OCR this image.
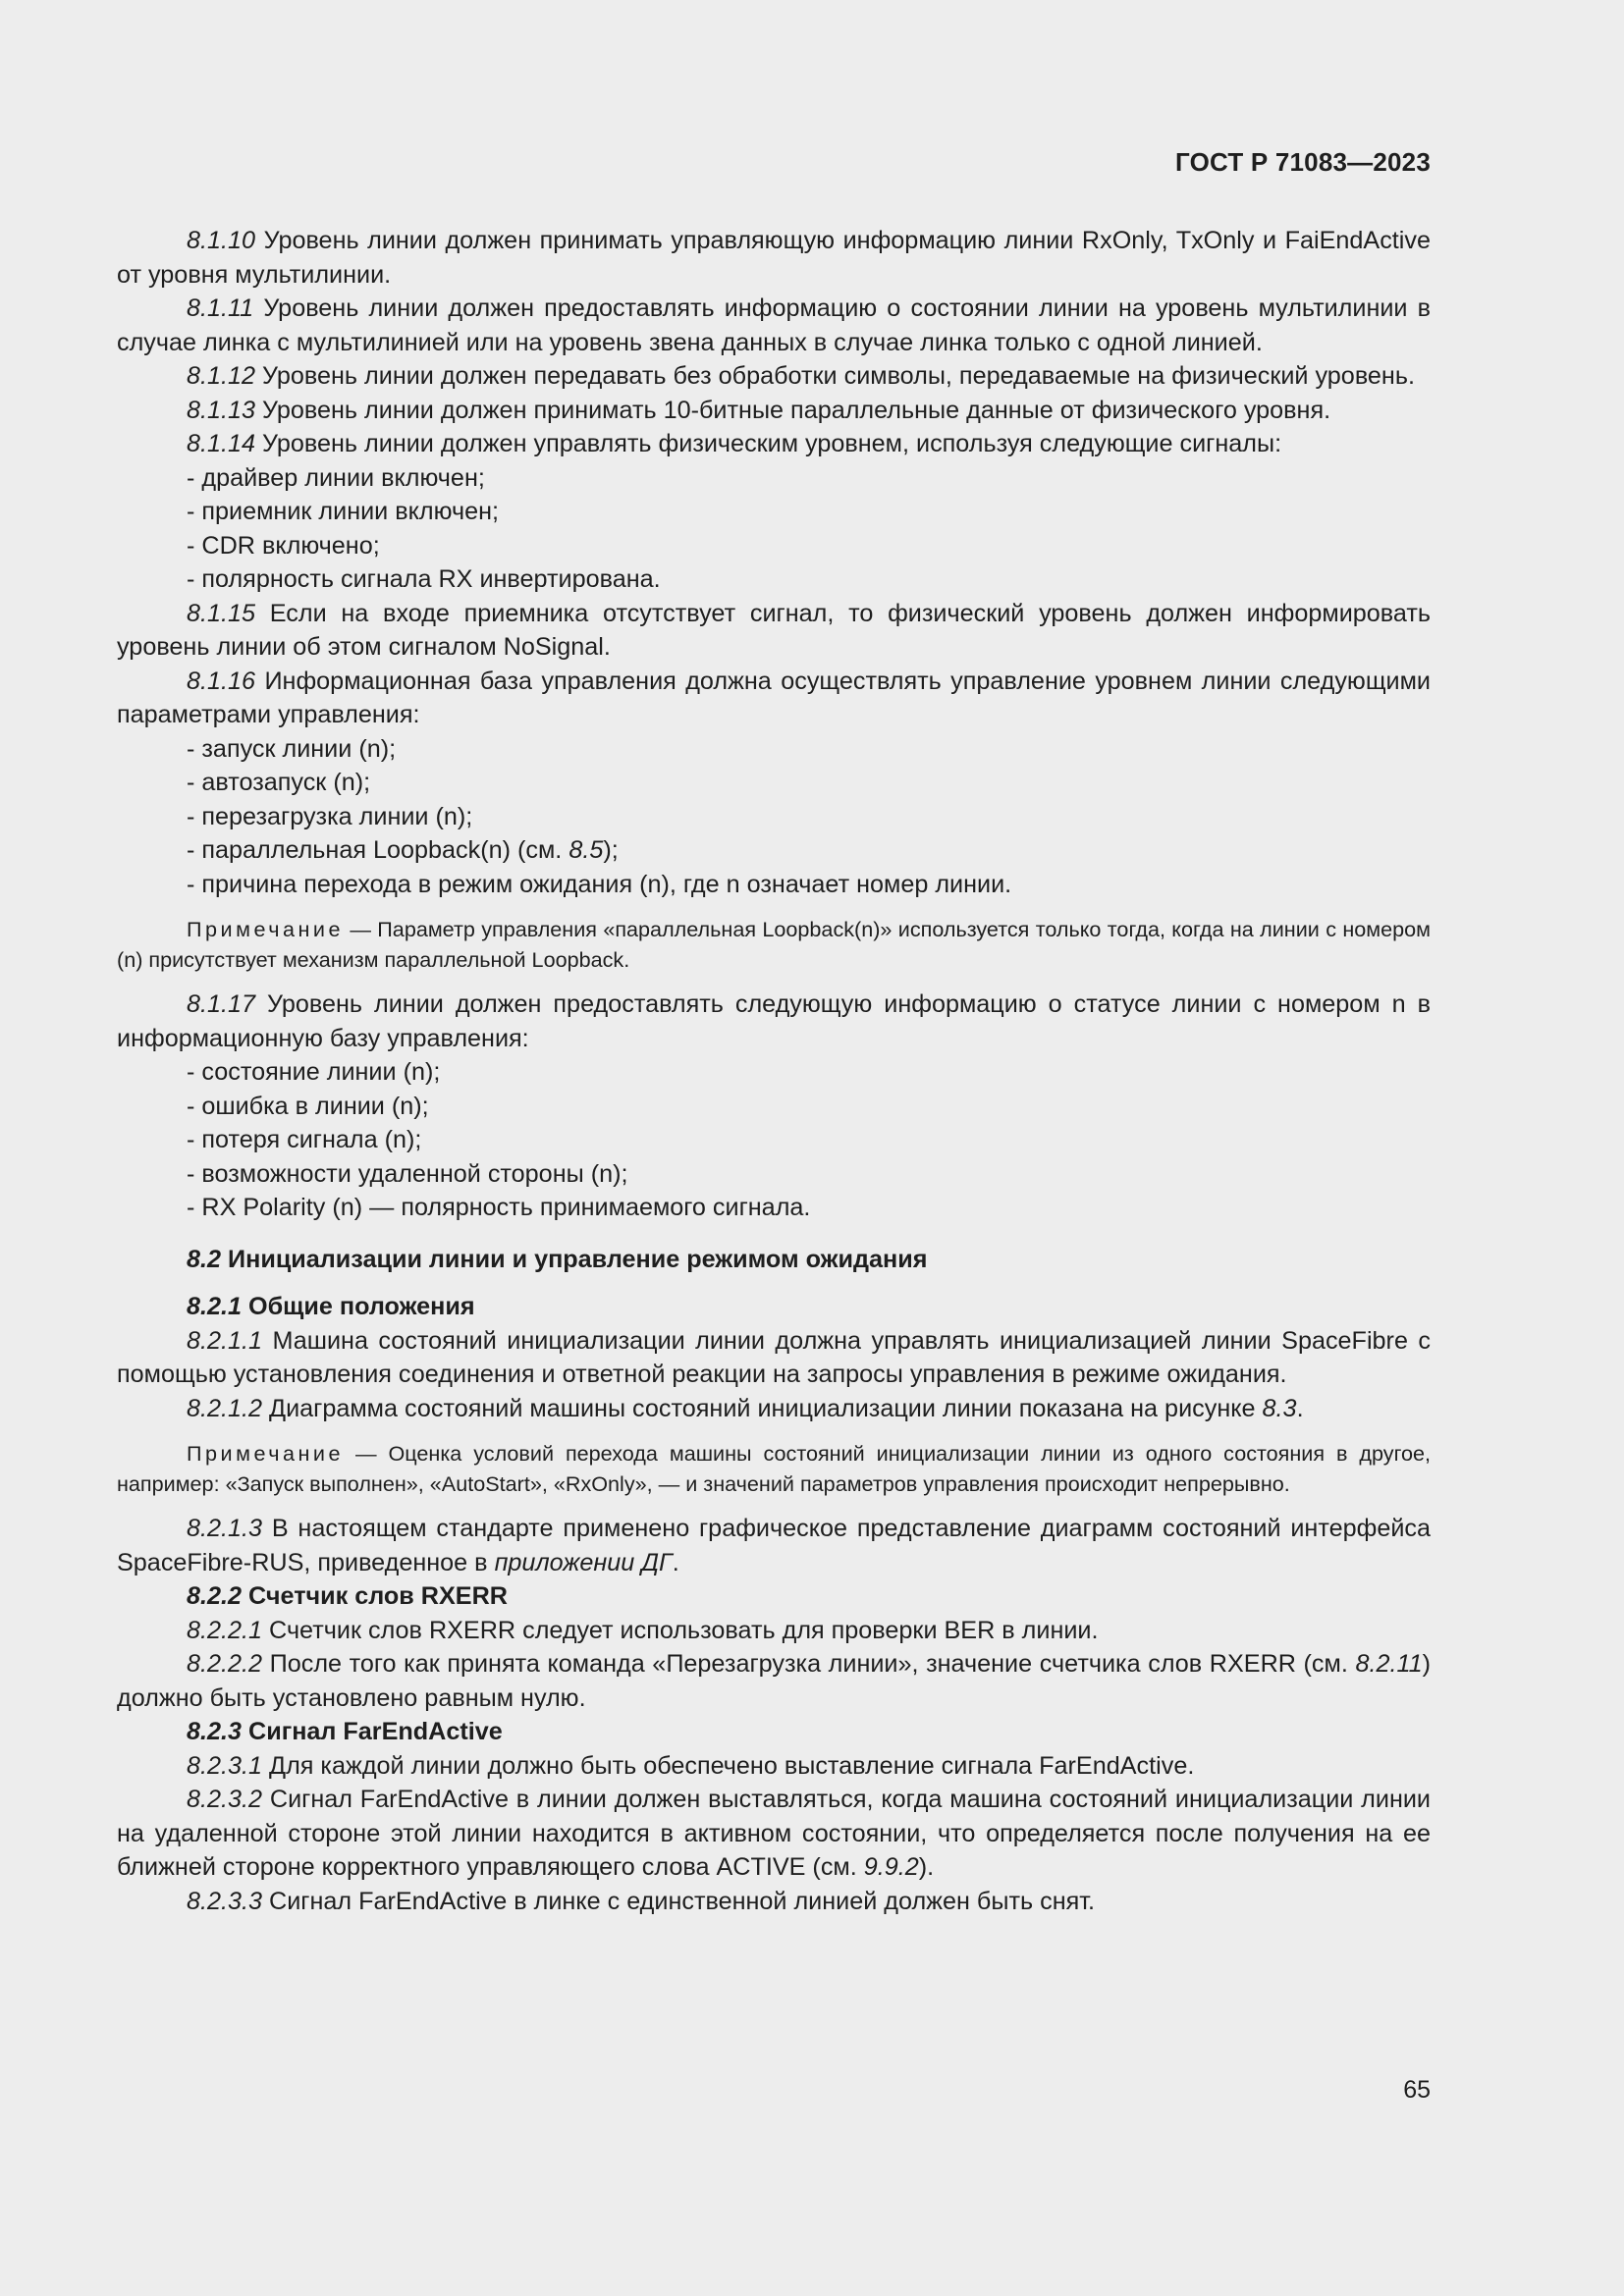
ГОСТ Р 71083—2023

8.1.10 Уровень линии должен принимать управляющую информацию линии RxOnly, TxOnly и FaiEndActive от уровня мультилинии.

8.1.11 Уровень линии должен предоставлять информацию о состоянии линии на уровень мультилинии в случае линка с мультилинией или на уровень звена данных в случае линка только с одной линией.

8.1.12 Уровень линии должен передавать без обработки символы, передаваемые на физический уровень.

8.1.13 Уровень линии должен принимать 10-битные параллельные данные от физического уровня.

8.1.14 Уровень линии должен управлять физическим уровнем, используя следующие сигналы:

- драйвер линии включен;

- приемник линии включен;

- CDR включено;

- полярность сигнала RX инвертирована.

8.1.15 Если на входе приемника отсутствует сигнал, то физический уровень должен информировать уровень линии об этом сигналом NoSignal.

8.1.16 Информационная база управления должна осуществлять управление уровнем линии следующими параметрами управления:

- запуск линии (n);

- автозапуск (n);

- перезагрузка линии (n);

- параллельная Loopback(n) (см. 8.5);

- причина перехода в режим ожидания (n), где n означает номер линии.

Примечание — Параметр управления «параллельная Loopback(n)» используется только тогда, когда на линии с номером (n) присутствует механизм параллельной Loopback.

8.1.17 Уровень линии должен предоставлять следующую информацию о статусе линии с номером n в информационную базу управления:

- состояние линии (n);

- ошибка в линии (n);

- потеря сигнала (n);

- возможности удаленной стороны (n);

- RX Polarity (n) — полярность принимаемого сигнала.

8.2 Инициализации линии и управление режимом ожидания

8.2.1 Общие положения

8.2.1.1 Машина состояний инициализации линии должна управлять инициализацией линии SpaceFibre с помощью установления соединения и ответной реакции на запросы управления в режиме ожидания.

8.2.1.2 Диаграмма состояний машины состояний инициализации линии показана на рисунке 8.3.

Примечание — Оценка условий перехода машины состояний инициализации линии из одного состояния в другое, например: «Запуск выполнен», «AutoStart», «RxOnly», — и значений параметров управления происходит непрерывно.

8.2.1.3 В настоящем стандарте применено графическое представление диаграмм состояний интерфейса SpaceFibre-RUS, приведенное в приложении ДГ.

8.2.2 Счетчик слов RXERR

8.2.2.1 Счетчик слов RXERR следует использовать для проверки BER в линии.

8.2.2.2 После того как принята команда «Перезагрузка линии», значение счетчика слов RXERR (см. 8.2.11) должно быть установлено равным нулю.

8.2.3 Сигнал FarEndActive

8.2.3.1 Для каждой линии должно быть обеспечено выставление сигнала FarEndActive.

8.2.3.2 Сигнал FarEndActive в линии должен выставляться, когда машина состояний инициализации линии на удаленной стороне этой линии находится в активном состоянии, что определяется после получения на ее ближней стороне корректного управляющего слова ACTIVE (см. 9.9.2).

8.2.3.3 Сигнал FarEndActive в линке с единственной линией должен быть снят.

65
